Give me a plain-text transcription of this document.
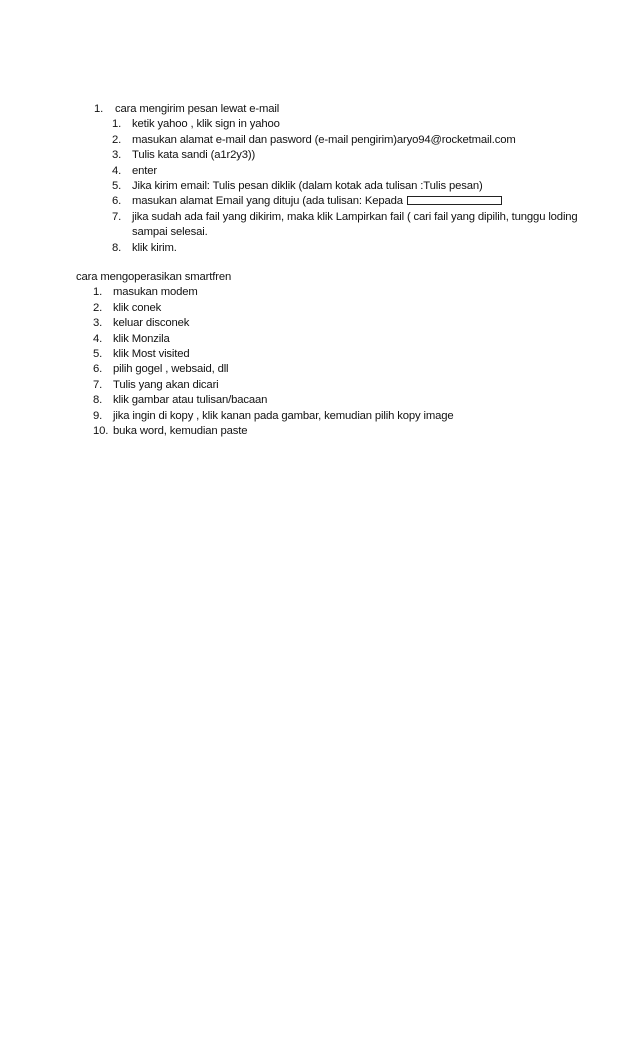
1.	cara mengirim pesan lewat e-mail
1. ketik yahoo , klik sign in yahoo
2. masukan alamat e-mail dan pasword (e-mail pengirim)aryo94@rocketmail.com
3. Tulis kata sandi (a1r2y3))
4. enter
5. Jika kirim email: Tulis pesan diklik (dalam kotak ada tulisan :Tulis pesan)
6. masukan alamat Email yang dituju (ada tulisan: Kepada
7. jika sudah ada fail yang dikirim, maka klik Lampirkan fail ( cari fail yang dipilih, tunggu loding sampai selesai.
8. klik kirim.
cara mengoperasikan smartfren
1. masukan modem
2. klik conek
3. keluar disconek
4. klik Monzila
5. klik Most visited
6. pilih gogel , websaid, dll
7. Tulis yang akan dicari
8. klik gambar atau tulisan/bacaan
9. jika ingin di kopy , klik kanan pada gambar, kemudian pilih kopy image
10. buka word, kemudian paste
